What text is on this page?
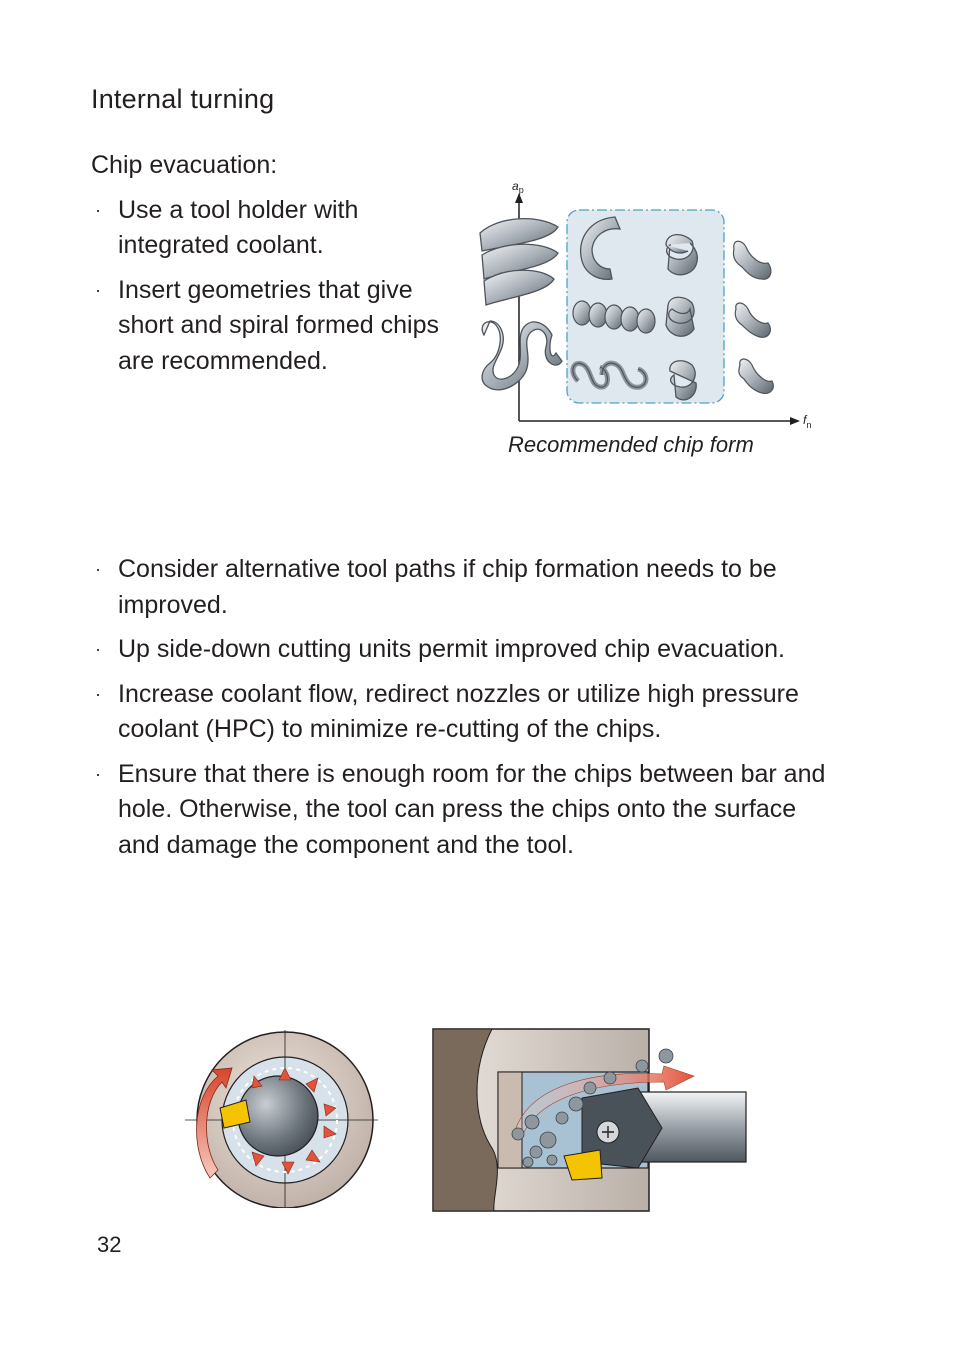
Internal turning
Chip evacuation:
· Use a tool holder with integrated coolant.
· Insert geometries that give short and spiral formed chips are recommended.
$a_p$
$f_n$
Recommended chip form
· Consider alternative tool paths if chip formation needs to be improved.
· Up side-down cutting units permit improved chip evacuation.
· Increase coolant flow, redirect nozzles or utilize high pressure coolant (HPC) to minimize re-cutting of the chips.
· Ensure that there is enough room for the chips between bar and hole. Otherwise, the tool can press the chips onto the surface and damage the component and the tool.
32
